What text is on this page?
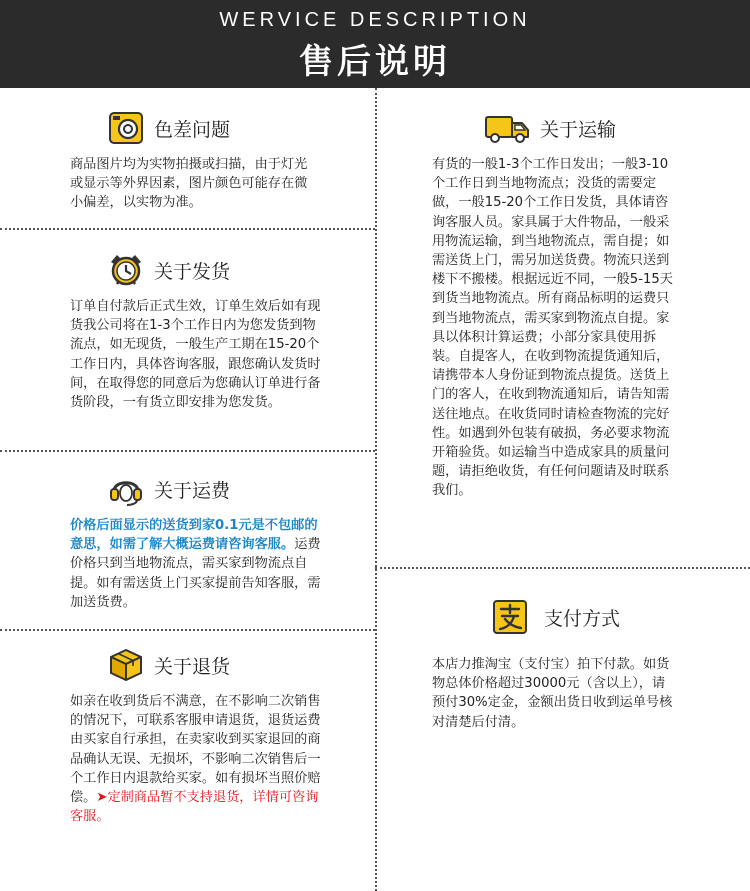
WERVICE DESCRIPTION
售后说明
色差问题

商品图片均为实物拍摄或扫描，由于灯光或显示等外界因素，图片颜色可能存在微小偏差，以实物为准。

关于发货

订单自付款后正式生效，订单生效后如有现货我公司将在1-3个工作日内为您发货到物流点，如无现货，一般生产工期在15-20个工作日内，具体咨询客服，跟您确认发货时间，在取得您的同意后为您确认订单进行备货阶段，一有货立即安排为您发货。

关于运费

价格后面显示的送货到家0.1元是不包邮的意思，如需了解大概运费请咨询客服。运费价格只到当地物流点，需买家到物流点自提。如有需送货上门买家提前告知客服，需加送货费。

关于退货

如亲在收到货后不满意，在不影响二次销售的情况下，可联系客服申请退货，退货运费由买家自行承担，在卖家收到买家退回的商品确认无误、无损坏，不影响二次销售后一个工作日内退款给买家。如有损坏当照价赔偿。➤定制商品暂不支持退货，详情可咨询客服。

关于运输

有货的一般1-3个工作日发出；一般3-10个工作日到当地物流点；没货的需要定做，一般15-20个工作日发货，具体请咨询客服人员。家具属于大件物品，一般采用物流运输，到当地物流点，需自提；如需送货上门，需另加送货费。物流只送到楼下不搬楼。根据远近不同，一般5-15天到货当地物流点。所有商品标明的运费只到当地物流点，需买家到物流点自提。家具以体积计算运费；小部分家具使用拆装。自提客人，在收到物流提货通知后，请携带本人身份证到物流点提货。送货上门的客人，在收到物流通知后，请告知需送往地点。在收货同时请检查物流的完好性。如遇到外包装有破损，务必要求物流开箱验货。如运输当中造成家具的质量问题，请拒绝收货，有任何问题请及时联系我们。

支付方式

本店力推淘宝（支付宝）拍下付款。如货物总体价格超过30000元（含以上），请预付30%定金，金额出货日收到运单号核对清楚后付清。
